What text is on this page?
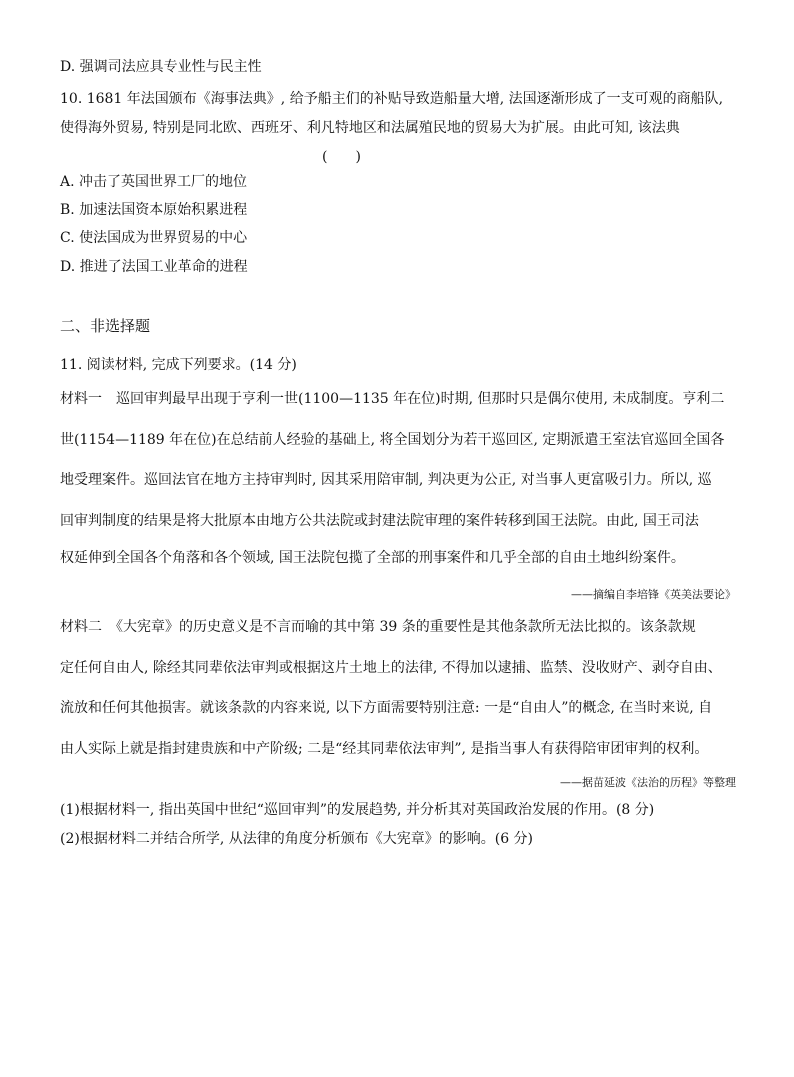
D. 强调司法应具专业性与民主性
10. 1681 年法国颁布《海事法典》, 给予船主们的补贴导致造船量大增, 法国逐渐形成了一支可观的商船队,
使得海外贸易, 特别是同北欧、西班牙、利凡特地区和法属殖民地的贸易大为扩展。由此可知, 该法典
(　　)
A. 冲击了英国世界工厂的地位
B. 加速法国资本原始积累进程
C. 使法国成为世界贸易的中心
D. 推进了法国工业革命的进程
二、非选择题
11. 阅读材料, 完成下列要求。(14 分)
材料一　巡回审判最早出现于亨利一世(1100—1135 年在位)时期, 但那时只是偶尔使用, 未成制度。亨利二
世(1154—1189 年在位)在总结前人经验的基础上, 将全国划分为若干巡回区, 定期派遣王室法官巡回全国各
地受理案件。巡回法官在地方主持审判时, 因其采用陪审制, 判决更为公正, 对当事人更富吸引力。所以, 巡
回审判制度的结果是将大批原本由地方公共法院或封建法院审理的案件转移到国王法院。由此, 国王司法
权延伸到全国各个角落和各个领域, 国王法院包揽了全部的刑事案件和几乎全部的自由土地纠纷案件。
——摘编自李培锋《英美法要论》
材料二　《大宪章》的历史意义是不言而喻的其中第 39 条的重要性是其他条款所无法比拟的。该条款规
定任何自由人, 除经其同辈依法审判或根据这片土地上的法律, 不得加以逮捕、监禁、没收财产、剥夺自由、
流放和任何其他损害。就该条款的内容来说, 以下方面需要特别注意: 一是“自由人”的概念, 在当时来说, 自
由人实际上就是指封建贵族和中产阶级; 二是“经其同辈依法审判”, 是指当事人有获得陪审团审判的权利。
——据苗延波《法治的历程》等整理
(1)根据材料一, 指出英国中世纪“巡回审判”的发展趋势, 并分析其对英国政治发展的作用。(8 分)
(2)根据材料二并结合所学, 从法律的角度分析颁布《大宪章》的影响。(6 分)
